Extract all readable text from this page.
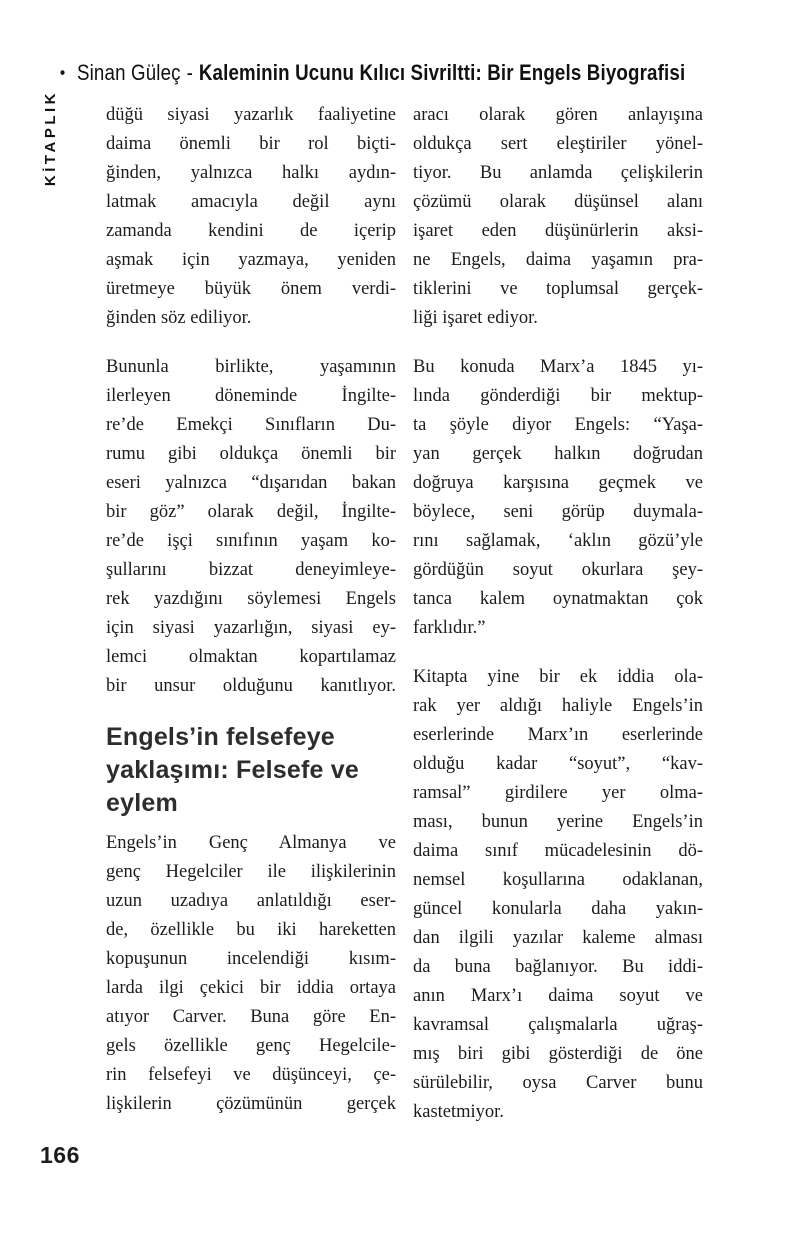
• Sinan Güleç - Kaleminin Ucunu Kılıcı Sivriltti: Bir Engels Biyografisi
KİTAPLIK	düğü siyasi yazarlık faaliyetine
daima önemli bir rol biçti-
ğinden, yalnızca halkı aydın-
latmak amacıyla değil aynı
zamanda kendini de içerip
aşmak için yazmaya, yeniden
üretmeye büyük önem verdi-
ğinden söz ediliyor.
Bununla birlikte, yaşamının
ilerleyen döneminde İngilte-
re’de Emekçi Sınıfların Du-
rumu gibi oldukça önemli bir
eseri yalnızca “dışarıdan bakan
bir göz” olarak değil, İngilte-
re’de işçi sınıfının yaşam ko-
şullarını bizzat deneyimleye-
rek yazdığını söylemesi Engels
için siyasi yazarlığın, siyasi ey-
lemci olmaktan kopartılamaz
bir unsur olduğunu kanıtlıyor.
Engels’in felsefeye
yaklaşımı: Felsefe ve
eylem
Engels’in Genç Almanya ve
genç Hegelciler ile ilişkilerinin
uzun uzadıya anlatıldığı eser-
de, özellikle bu iki hareketten
kopuşunun incelendiği kısım-
larda ilgi çekici bir iddia ortaya
atıyor Carver. Buna göre En-
gels özellikle genç Hegelcile-
rin felsefeyi ve düşünceyi, çe-
lişkilerin çözümünün gerçek
aracı olarak gören anlayışına
oldukça sert eleştiriler yönel-
tiyor. Bu anlamda çelişkilerin
çözümü olarak düşünsel alanı
işaret eden düşünürlerin aksi-
ne Engels, daima yaşamın pra-
tiklerini ve toplumsal gerçek-
liği işaret ediyor.
Bu konuda Marx’a 1845 yı-
lında gönderdiği bir mektup-
ta şöyle diyor Engels: “Yaşa-
yan gerçek halkın doğrudan
doğruya karşısına geçmek ve
böylece, seni görüp duymala-
rını sağlamak, ‘aklın gözü’yle
gördüğün soyut okurlara şey-
tanca kalem oynatmaktan çok
farklıdır.”
Kitapta yine bir ek iddia ola-
rak yer aldığı haliyle Engels’in
eserlerinde Marx’ın eserlerinde
olduğu kadar “soyut”, “kav-
ramsal” girdilere yer olma-
ması, bunun yerine Engels’in
daima sınıf mücadelesinin dö-
nemsel koşullarına odaklanan,
güncel konularla daha yakın-
dan ilgili yazılar kaleme alması
da buna bağlanıyor. Bu iddi-
anın Marx’ı daima soyut ve
kavramsal çalışmalarla uğraş-
mış biri gibi gösterdiği de öne
sürülebilir, oysa Carver bunu
kastetmiyor.
166
